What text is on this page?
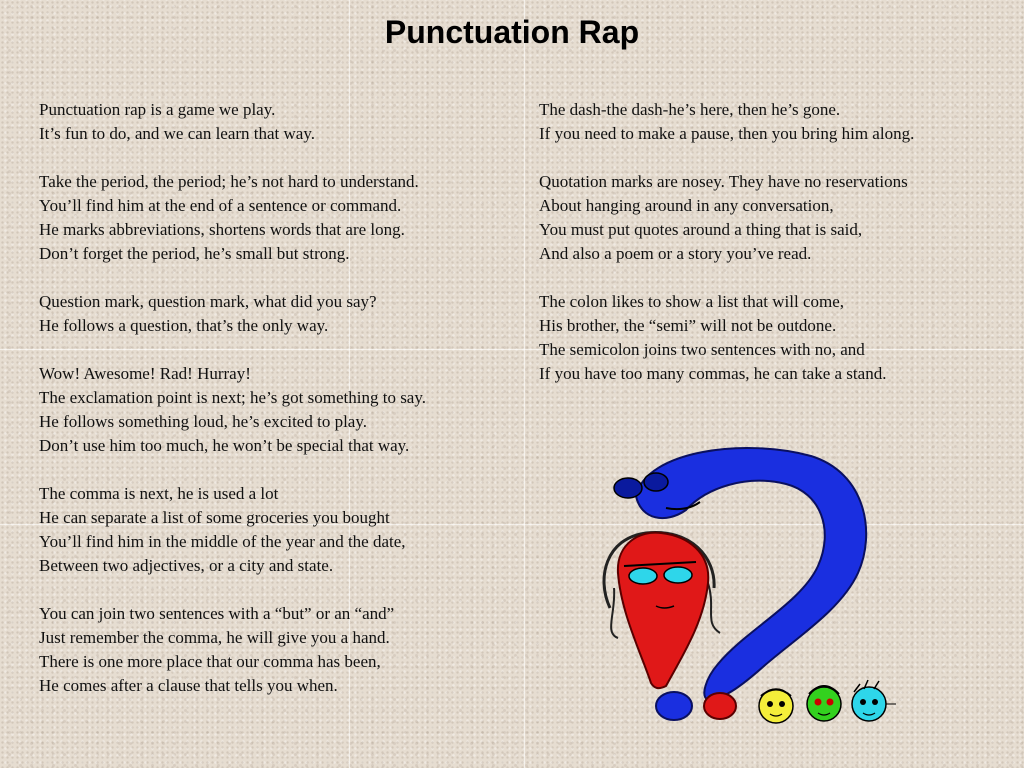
Punctuation Rap

Punctuation rap is a game we play.
It’s fun to do, and we can learn that way.

Take the period, the period; he’s not hard to understand.
You’ll find him at the end of a sentence or command.
He marks abbreviations, shortens words that are long.
Don’t forget the period, he’s small but strong.

Question mark, question mark, what did you say?
He follows a question, that’s the only way.

Wow! Awesome! Rad! Hurray!
The exclamation point is next; he’s got something to say.
He follows something loud, he’s excited to play.
Don’t use him too much, he won’t be special that way.

The comma is next, he is used a lot
He can separate a list of some groceries you bought
You’ll find him in the middle of the year and the date,
Between two adjectives, or a city and state.

You can join two sentences with a “but” or an “and”
Just remember the comma, he will give you a hand.
There is one more place that our comma has been,
He comes after a clause that tells you when.

The dash-the dash-he’s here, then he’s gone.
If you need to make a pause, then you bring him along.

Quotation marks are nosey. They have no reservations
About hanging around in any conversation,
You must put quotes around a thing that is said,
And also a poem or a story you’ve read.

The colon likes to show a list that will come,
His brother, the “semi” will not be outdone.
The semicolon joins two sentences with no, and
If you have too many commas, he can take a stand.
